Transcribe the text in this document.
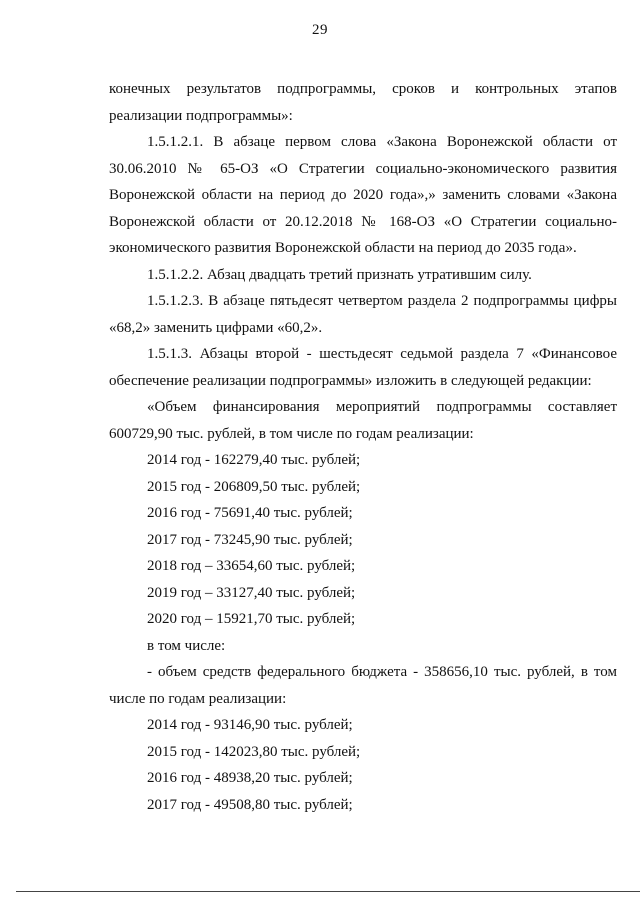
29

конечных результатов подпрограммы, сроков и контрольных этапов

реализации подпрограммы»:

1.5.1.2.1. В абзаце первом слова «Закона Воронежской области от 30.06.2010 № 65-ОЗ «О Стратегии социально-экономического развития Воронежской области на период до 2020 года»,» заменить словами «Закона Воронежской области от 20.12.2018 № 168-ОЗ «О Стратегии социально-экономического развития Воронежской области на период до 2035 года».

1.5.1.2.2. Абзац двадцать третий признать утратившим силу.

1.5.1.2.3. В абзаце пятьдесят четвертом раздела 2 подпрограммы цифры «68,2» заменить цифрами «60,2».

1.5.1.3. Абзацы второй - шестьдесят седьмой раздела 7 «Финансовое обеспечение реализации подпрограммы» изложить в следующей редакции:

«Объем финансирования мероприятий подпрограммы составляет 600729,90 тыс. рублей, в том числе по годам реализации:

2014 год - 162279,40 тыс. рублей;

2015 год - 206809,50 тыс. рублей;

2016 год - 75691,40 тыс. рублей;

2017 год - 73245,90 тыс. рублей;

2018 год – 33654,60 тыс. рублей;

2019 год – 33127,40 тыс. рублей;

2020 год – 15921,70 тыс. рублей;

в том числе:

- объем средств федерального бюджета - 358656,10 тыс. рублей, в том числе по годам реализации:

2014 год - 93146,90 тыс. рублей;

2015 год - 142023,80 тыс. рублей;

2016 год - 48938,20 тыс. рублей;

2017 год - 49508,80 тыс. рублей;
